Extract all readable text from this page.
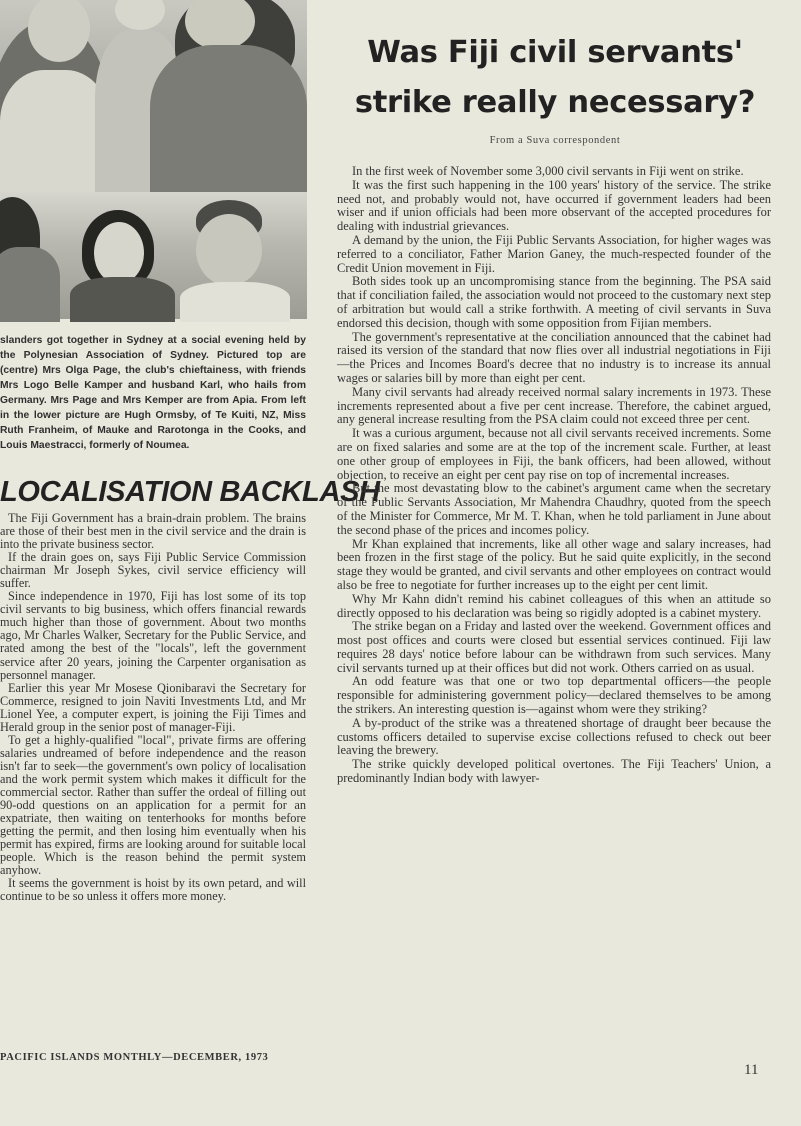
slanders got together in Sydney at a social evening held by the Polynesian Association of Sydney. Pictured top are (centre) Mrs Olga Page, the club's chieftainess, with friends Mrs Logo Belle Kamper and husband Karl, who hails from Germany. Mrs Page and Mrs Kemper are from Apia. From left in the lower picture are Hugh Ormsby, of Te Kuiti, NZ, Miss Ruth Franheim, of Mauke and Rarotonga in the Cooks, and Louis Maestracci, formerly of Noumea.

LOCALISATION BACKLASH

The Fiji Government has a brain-drain problem. The brains are those of their best men in the civil service and the drain is into the private business sector.

If the drain goes on, says Fiji Public Service Commission chairman Mr Joseph Sykes, civil service efficiency will suffer.

Since independence in 1970, Fiji has lost some of its top civil servants to big business, which offers financial rewards much higher than those of government. About two months ago, Mr Charles Walker, Secretary for the Public Service, and rated among the best of the "locals", left the government service after 20 years, joining the Carpenter organisation as personnel manager.

Earlier this year Mr Mosese Qionibaravi the Secretary for Commerce, resigned to join Naviti Investments Ltd, and Mr Lionel Yee, a computer expert, is joining the Fiji Times and Herald group in the senior post of manager-Fiji.

To get a highly-qualified "local", private firms are offering salaries undreamed of before independence and the reason isn't far to seek—the government's own policy of localisation and the work permit system which makes it difficult for the commercial sector. Rather than suffer the ordeal of filling out 90-odd questions on an application for a permit for an expatriate, then waiting on tenterhooks for months before getting the permit, and then losing him eventually when his permit has expired, firms are looking around for suitable local people. Which is the reason behind the permit system anyhow.

It seems the government is hoist by its own petard, and will continue to be so unless it offers more money.

PACIFIC ISLANDS MONTHLY—DECEMBER, 1973
Was Fiji civil servants' strike really necessary?
From a Suva correspondent

In the first week of November some 3,000 civil servants in Fiji went on strike.

It was the first such happening in the 100 years' history of the service. The strike need not, and probably would not, have occurred if government leaders had been wiser and if union officials had been more observant of the accepted procedures for dealing with industrial grievances.

A demand by the union, the Fiji Public Servants Association, for higher wages was referred to a conciliator, Father Marion Ganey, the much-respected founder of the Credit Union movement in Fiji.

Both sides took up an uncompromising stance from the beginning. The PSA said that if conciliation failed, the association would not proceed to the customary next step of arbitration but would call a strike forthwith. A meeting of civil servants in Suva endorsed this decision, though with some opposition from Fijian members.

The government's representative at the conciliation announced that the cabinet had raised its version of the standard that now flies over all industrial negotiations in Fiji—the Prices and Incomes Board's decree that no industry is to increase its annual wages or salaries bill by more than eight per cent.

Many civil servants had already received normal salary increments in 1973. These increments represented about a five per cent increase. Therefore, the cabinet argued, any general increase resulting from the PSA claim could not exceed three per cent.

It was a curious argument, because not all civil servants received increments. Some are on fixed salaries and some are at the top of the increment scale. Further, at least one other group of employees in Fiji, the bank officers, had been allowed, without objection, to receive an eight per cent pay rise on top of incremental increases.

But the most devastating blow to the cabinet's argument came when the secretary of the Public Servants Association, Mr Mahendra Chaudhry, quoted from the speech of the Minister for Commerce, Mr M. T. Khan, when he told parliament in June about the second phase of the prices and incomes policy.

Mr Khan explained that increments, like all other wage and salary increases, had been frozen in the first stage of the policy. But he said quite explicitly, in the second stage they would be granted, and civil servants and other employees on contract would also be free to negotiate for further increases up to the eight per cent limit.

Why Mr Kahn didn't remind his cabinet colleagues of this when an attitude so directly opposed to his declaration was being so rigidly adopted is a cabinet mystery.

The strike began on a Friday and lasted over the weekend. Government offices and most post offices and courts were closed but essential services continued. Fiji law requires 28 days' notice before labour can be withdrawn from such services. Many civil servants turned up at their offices but did not work. Others carried on as usual.

An odd feature was that one or two top departmental officers—the people responsible for administering government policy—declared themselves to be among the strikers. An interesting question is—against whom were they striking?

A by-product of the strike was a threatened shortage of draught beer because the customs officers detailed to supervise excise collections refused to check out beer leaving the brewery.

The strike quickly developed political overtones. The Fiji Teachers' Union, a predominantly Indian body with lawyer-

11
